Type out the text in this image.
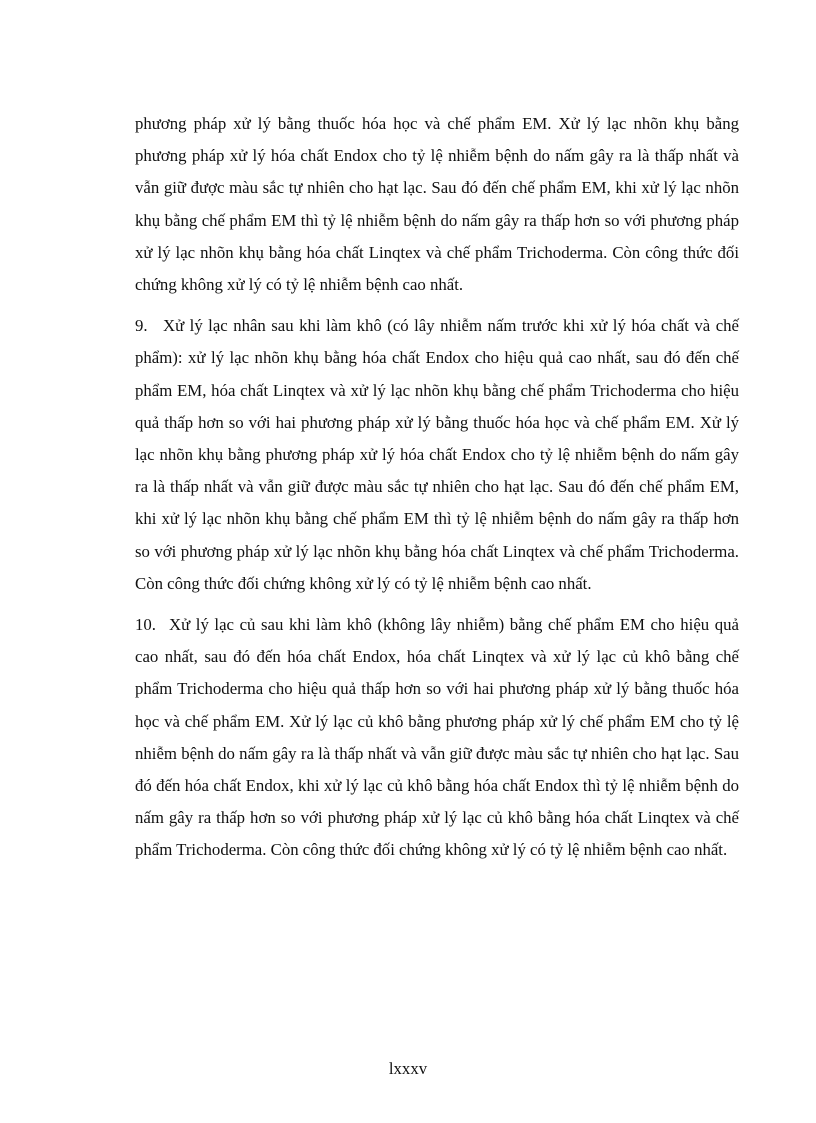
phương pháp xử lý bằng thuốc hóa học và chế phẩm EM. Xử lý lạc nhõn khụ bằng phương pháp xử lý hóa chất Endox cho tỷ lệ nhiễm bệnh do nấm gây ra là thấp nhất và vẫn giữ được màu sắc tự nhiên cho hạt lạc. Sau đó đến chế phẩm EM, khi xử lý lạc nhõn khụ bằng chế phẩm EM thì tỷ lệ nhiễm bệnh do nấm gây ra thấp hơn so với phương pháp xử lý lạc nhõn khụ bằng hóa chất Linqtex và chế phẩm Trichoderma. Còn công thức đối chứng không xử lý có tỷ lệ nhiễm bệnh cao nhất.

9. Xử lý lạc nhân sau khi làm khô (có lây nhiễm nấm trước khi xử lý hóa chất và chế phẩm): xử lý lạc nhõn khụ bằng hóa chất Endox cho hiệu quả cao nhất, sau đó đến chế phẩm EM, hóa chất Linqtex và xử lý lạc nhõn khụ bằng chế phẩm Trichoderma cho hiệu quả thấp hơn so với hai phương pháp xử lý bằng thuốc hóa học và chế phẩm EM. Xử lý lạc nhõn khụ bằng phương pháp xử lý hóa chất Endox cho tỷ lệ nhiễm bệnh do nấm gây ra là thấp nhất và vẫn giữ được màu sắc tự nhiên cho hạt lạc. Sau đó đến chế phẩm EM, khi xử lý lạc nhõn khụ bằng chế phẩm EM thì tỷ lệ nhiễm bệnh do nấm gây ra thấp hơn so với phương pháp xử lý lạc nhõn khụ bằng hóa chất Linqtex và chế phẩm Trichoderma. Còn công thức đối chứng không xử lý có tỷ lệ nhiễm bệnh cao nhất.

10. Xử lý lạc củ sau khi làm khô (không lây nhiễm) bằng chế phẩm EM cho hiệu quả cao nhất, sau đó đến hóa chất Endox, hóa chất Linqtex và xử lý lạc củ khô bằng chế phẩm Trichoderma cho hiệu quả thấp hơn so với hai phương pháp xử lý bằng thuốc hóa học và chế phẩm EM. Xử lý lạc củ khô bằng phương pháp xử lý chế phẩm EM cho tỷ lệ nhiễm bệnh do nấm gây ra là thấp nhất và vẫn giữ được màu sắc tự nhiên cho hạt lạc. Sau đó đến hóa chất Endox, khi xử lý lạc củ khô bằng hóa chất Endox thì tỷ lệ nhiễm bệnh do nấm gây ra thấp hơn so với phương pháp xử lý lạc củ khô bằng hóa chất Linqtex và chế phẩm Trichoderma. Còn công thức đối chứng không xử lý có tỷ lệ nhiễm bệnh cao nhất.

lxxxv
